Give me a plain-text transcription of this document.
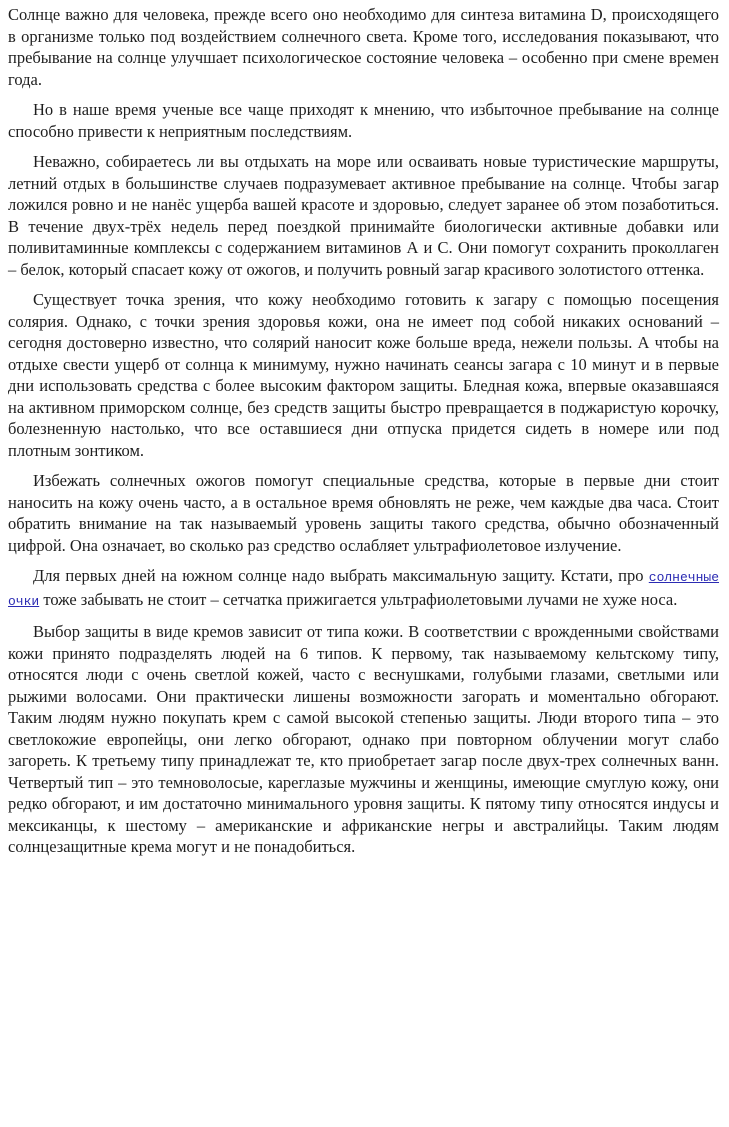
Солнце важно для человека, прежде всего оно необходимо для синтеза витамина D, происходящего в организме только под воздействием солнечного света. Кроме того, исследования показывают, что пребывание на солнце улучшает психологическое состояние человека – особенно при смене времен года.

Но в наше время ученые все чаще приходят к мнению, что избыточное пребывание на солнце способно привести к неприятным последствиям.

Неважно, собираетесь ли вы отдыхать на море или осваивать новые туристические маршруты, летний отдых в большинстве случаев подразумевает активное пребывание на солнце. Чтобы загар ложился ровно и не нанёс ущерба вашей красоте и здоровью, следует заранее об этом позаботиться. В течение двух-трёх недель перед поездкой принимайте биологически активные добавки или поливитаминные комплексы с содержанием витаминов А и С. Они помогут сохранить проколлаген – белок, который спасает кожу от ожогов, и получить ровный загар красивого золотистого оттенка.

Существует точка зрения, что кожу необходимо готовить к загару с помощью посещения солярия. Однако, с точки зрения здоровья кожи, она не имеет под собой никаких оснований – сегодня достоверно известно, что солярий наносит коже больше вреда, нежели пользы. А чтобы на отдыхе свести ущерб от солнца к минимуму, нужно начинать сеансы загара с 10 минут и в первые дни использовать средства с более высоким фактором защиты. Бледная кожа, впервые оказавшаяся на активном приморском солнце, без средств защиты быстро превращается в поджаристую корочку, болезненную настолько, что все оставшиеся дни отпуска придется сидеть в номере или под плотным зонтиком.

Избежать солнечных ожогов помогут специальные средства, которые в первые дни стоит наносить на кожу очень часто, а в остальное время обновлять не реже, чем каждые два часа. Стоит обратить внимание на так называемый уровень защиты такого средства, обычно обозначенный цифрой. Она означает, во сколько раз средство ослабляет ультрафиолетовое излучение.

Для первых дней на южном солнце надо выбрать максимальную защиту. Кстати, про солнечные очки тоже забывать не стоит – сетчатка прижигается ультрафиолетовыми лучами не хуже носа.

Выбор защиты в виде кремов зависит от типа кожи. В соответствии с врожденными свойствами кожи принято подразделять людей на 6 типов. К первому, так называемому кельтскому типу, относятся люди с очень светлой кожей, часто с веснушками, голубыми глазами, светлыми или рыжими волосами. Они практически лишены возможности загорать и моментально обгорают. Таким людям нужно покупать крем с самой высокой степенью защиты. Люди второго типа – это светлокожие европейцы, они легко обгорают, однако при повторном облучении могут слабо загореть. К третьему типу принадлежат те, кто приобретает загар после двух-трех солнечных ванн. Четвертый тип – это темноволосые, кареглазые мужчины и женщины, имеющие смуглую кожу, они редко обгорают, и им достаточно минимального уровня защиты. К пятому типу относятся индусы и мексиканцы, к шестому – американские и африканские негры и австралийцы. Таким людям солнцезащитные крема могут и не понадобиться.
